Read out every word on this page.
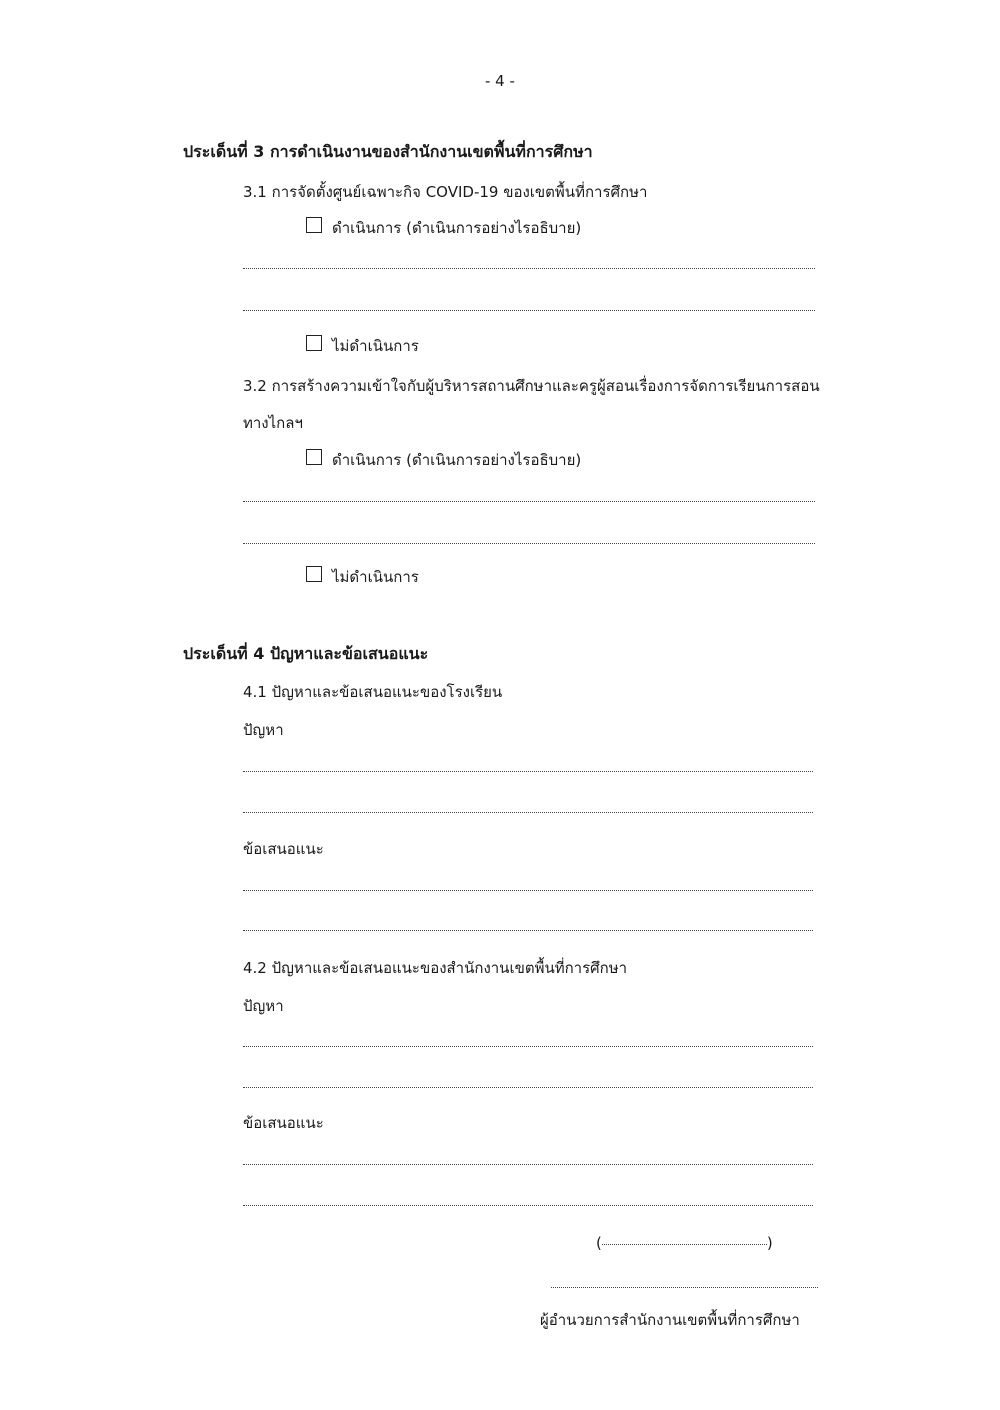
- 4 -
ประเด็นที่ 3 การดำเนินงานของสำนักงานเขตพื้นที่การศึกษา
3.1 การจัดตั้งศูนย์เฉพาะกิจ COVID-19 ของเขตพื้นที่การศึกษา
ดำเนินการ (ดำเนินการอย่างไรอธิบาย)
ไม่ดำเนินการ
3.2 การสร้างความเข้าใจกับผู้บริหารสถานศึกษาและครูผู้สอนเรื่องการจัดการเรียนการสอน
ทางไกลฯ
ดำเนินการ (ดำเนินการอย่างไรอธิบาย)
ไม่ดำเนินการ
ประเด็นที่ 4 ปัญหาและข้อเสนอแนะ
4.1 ปัญหาและข้อเสนอแนะของโรงเรียน
ปัญหา
ข้อเสนอแนะ
4.2 ปัญหาและข้อเสนอแนะของสำนักงานเขตพื้นที่การศึกษา
ปัญหา
ข้อเสนอแนะ
(	)
ผู้อำนวยการสำนักงานเขตพื้นที่การศึกษา
